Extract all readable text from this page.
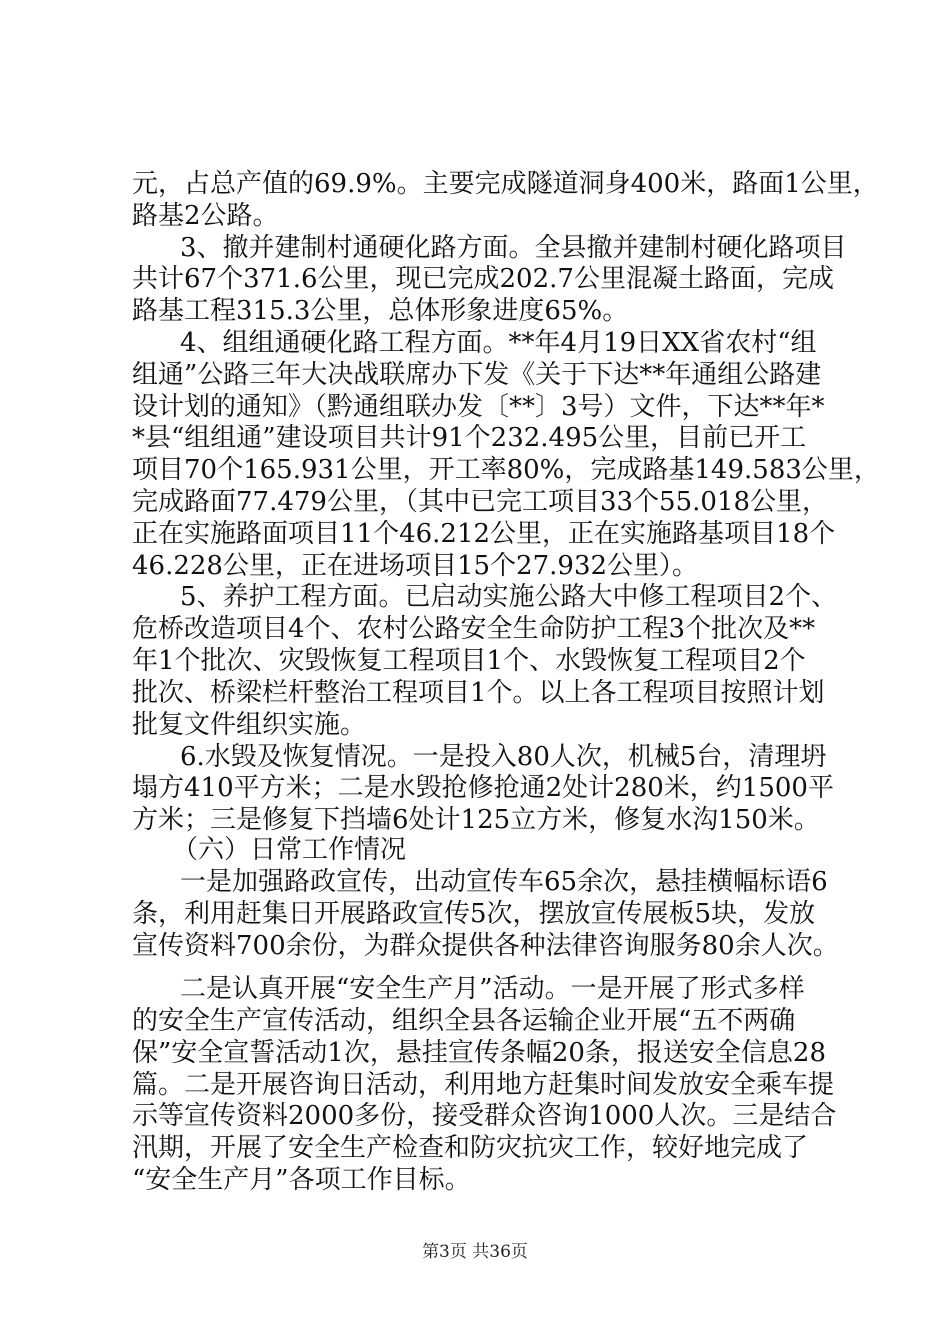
元，占总产值的69.9%。主要完成隧道洞身400米，路面1公里，
路基2公路。
3、撤并建制村通硬化路方面。全县撤并建制村硬化路项目
共计67个371.6公里，现已完成202.7公里混凝土路面，完成
路基工程315.3公里，总体形象进度65%。
4、组组通硬化路工程方面。**年4月19日XX省农村“组
组通”公路三年大决战联席办下发《关于下达**年通组公路建
设计划的通知》（黔通组联办发〔**〕3号）文件，下达**年*
*县“组组通”建设项目共计91个232.495公里，目前已开工
项目70个165.931公里，开工率80%，完成路基149.583公里，
完成路面77.479公里，（其中已完工项目33个55.018公里，
正在实施路面项目11个46.212公里，正在实施路基项目18个
46.228公里，正在进场项目15个27.932公里）。
5、养护工程方面。已启动实施公路大中修工程项目2个、
危桥改造项目4个、农村公路安全生命防护工程3个批次及**
年1个批次、灾毁恢复工程项目1个、水毁恢复工程项目2个
批次、桥梁栏杆整治工程项目1个。以上各工程项目按照计划
批复文件组织实施。
6.水毁及恢复情况。一是投入80人次，机械5台，清理坍
塌方410平方米；二是水毁抢修抢通2处计280米，约1500平
方米；三是修复下挡墙6处计125立方米，修复水沟150米。
（六）日常工作情况
一是加强路政宣传，出动宣传车65余次，悬挂横幅标语6
条，利用赶集日开展路政宣传5次，摆放宣传展板5块，发放
宣传资料700余份，为群众提供各种法律咨询服务80余人次。
二是认真开展“安全生产月”活动。一是开展了形式多样
的安全生产宣传活动，组织全县各运输企业开展“五不两确
保”安全宣誓活动1次，悬挂宣传条幅20条，报送安全信息28
篇。二是开展咨询日活动，利用地方赶集时间发放安全乘车提
示等宣传资料2000多份，接受群众咨询1000人次。三是结合
汛期，开展了安全生产检查和防灾抗灾工作，较好地完成了
“安全生产月”各项工作目标。
第3页 共36页
